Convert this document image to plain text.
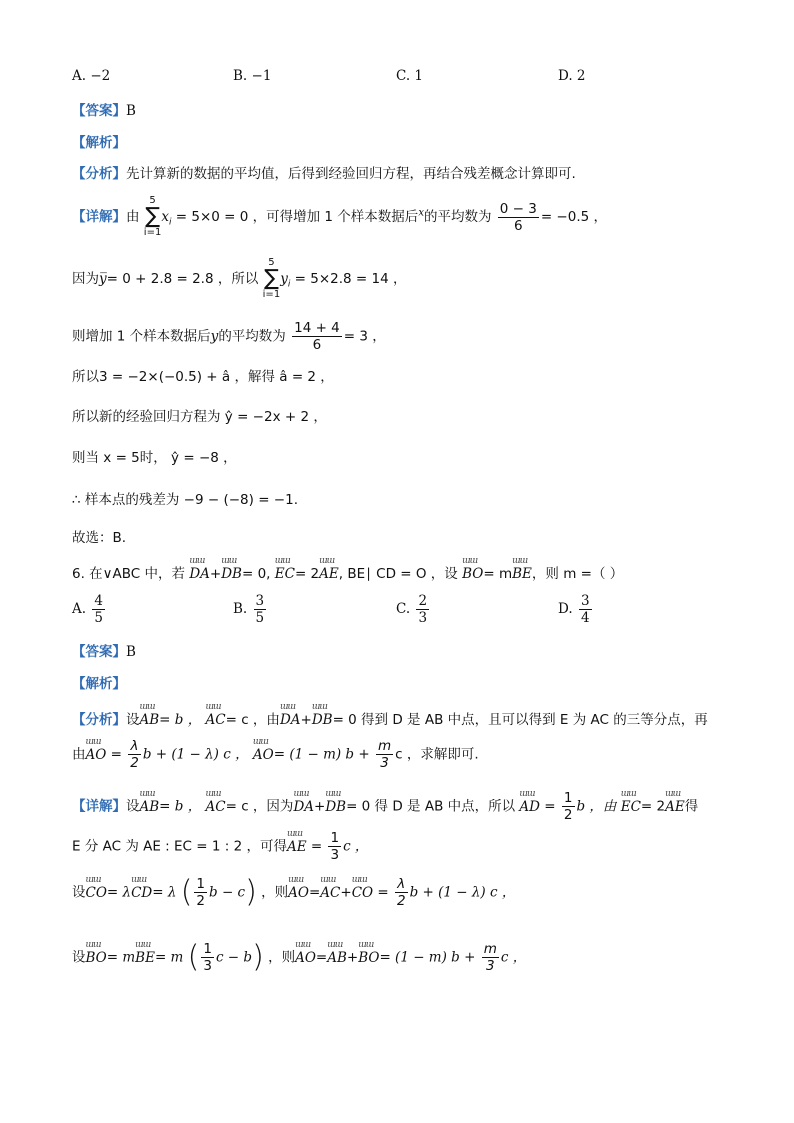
A. −2	B. −1	C. 1	D. 2
【答案】B
【解析】
【分析】先计算新的数据的平均值，后得到经验回归方程，再结合残差概念计算即可.
【详解】由 5
∑
$i=1x_i = 5\times 0 = 0$ ，可得增加 1 个样本数据后$^x$的平均数为 $\frac{0 - 3}{6} = -0.5$ ，
因为y̅= 0 + 2.8 = 2.8 ，所以 5
∑
$i=1y_i = 5\times 2.8 = 14$ ，
则增加 1 个样本数据后y的平均数为 $\frac{14 + 4}{6} = 3$ ，
所以3 = −2×(−0.5) + â ，解得 â = 2 ，
所以新的经验回归方程为 ŷ = −2x + 2 ，
则当 x = 5时， ŷ = −8 ，
∴ 样本点的残差为 −9 − (−8) = −1.
故选：B.
6. 在∨ABC 中，若 ɯɯ DA+ɯɯ DB= 0, ɯɯ EC= 2ɯɯ AE, BE∣ CD = O ，设 ɯɯ BO= mɯɯ BE，则 m =（ ）
A. $\frac{4}{5}$	B. $\frac{3}{5}$	C. $\frac{2}{3}$	D. $\frac{3}{4}$
【答案】B
【解析】
【分析】设ɯɯ AB= b ， ɯɯ AC= c ，由ɯɯ DA+ɯɯ DB= 0 得到 D 是 AB 中点，且可以得到 E 为 AC 的三等分点，再
由ɯɯ AO = $\frac{\lambda}{2}$ b + (1 − λ) c ， ɯɯ AO= (1 − m) $b + \frac{m}{3}$ c ，求解即可.
【详解】设ɯɯ AB= b ， ɯɯ AC= c ，因为ɯɯ DA+ɯɯ DB= 0 得 D 是 AB 中点，所以 ɯɯ AD = $\frac{1}{2}$ b ，由 ɯɯ EC= 2ɯɯ AE得
E 分 AC 为 AE : EC = 1 : 2 ，可得ɯɯ AE = $\frac{1}{3}$ c ，
设ɯɯ CO= λɯɯ CD= λ ( $\frac{1}{2}$ b − c) ，则ɯɯ AO=ɯɯ AC+ɯɯ CO = $\frac{\lambda}{2}$ b + (1 − λ) c ，
设ɯɯ BO= mɯɯ BE= m ( $\frac{1}{3}$ c − b) ，则ɯɯ AO=ɯɯ AB+ɯɯ BO= (1 − m) $b + \frac{m}{3}$ c ，
